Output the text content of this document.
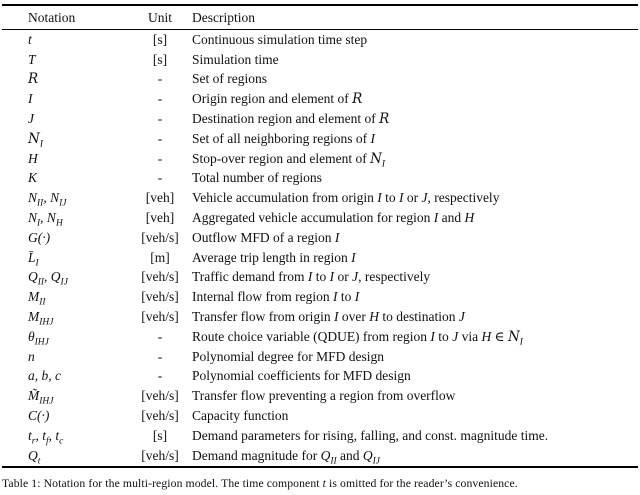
Notation	Unit	Description
t	[s]	Continuous simulation time step
T	[s]	Simulation time
R	-	Set of regions
I	-	Origin region and element of R
J	-	Destination region and element of R
$N_I$	-	Set of all neighboring regions of I
H	-	Stop-over region and element of $N_I$
K	-	Total number of regions
$N_{II}$, $N_{IJ}$	[veh]	Vehicle accumulation from origin I to I or J, respectively
$N_I$, $N_H$	[veh]	Aggregated vehicle accumulation for region I and H
G(·)	[veh/s]	Outflow MFD of a region I
$L̄_I$	[m]	Average trip length in region I
$Q_{II}$, $Q_{IJ}$	[veh/s]	Traffic demand from I to I or J, respectively
$M_{II}$	[veh/s]	Internal flow from region I to I
$M_{IHJ}$	[veh/s]	Transfer flow from origin I over H to destination J
$\theta_{IHJ}$	-	Route choice variable (QDUE) from region I to J via H ∈ $N_I$
n	-	Polynomial degree for MFD design
a, b, c	-	Polynomial coefficients for MFD design
$M̃_{IHJ}$	[veh/s]	Transfer flow preventing a region from overflow
C(·)	[veh/s]	Capacity function
$t_r$, $t_f$, $t_c$	[s]	Demand parameters for rising, falling, and const. magnitude time.
$Q_t$	[veh/s]	Demand magnitude for $Q_{II}$ and $Q_{IJ}$
Table 1: Notation for the multi-region model. The time component t is omitted for the reader’s convenience.
